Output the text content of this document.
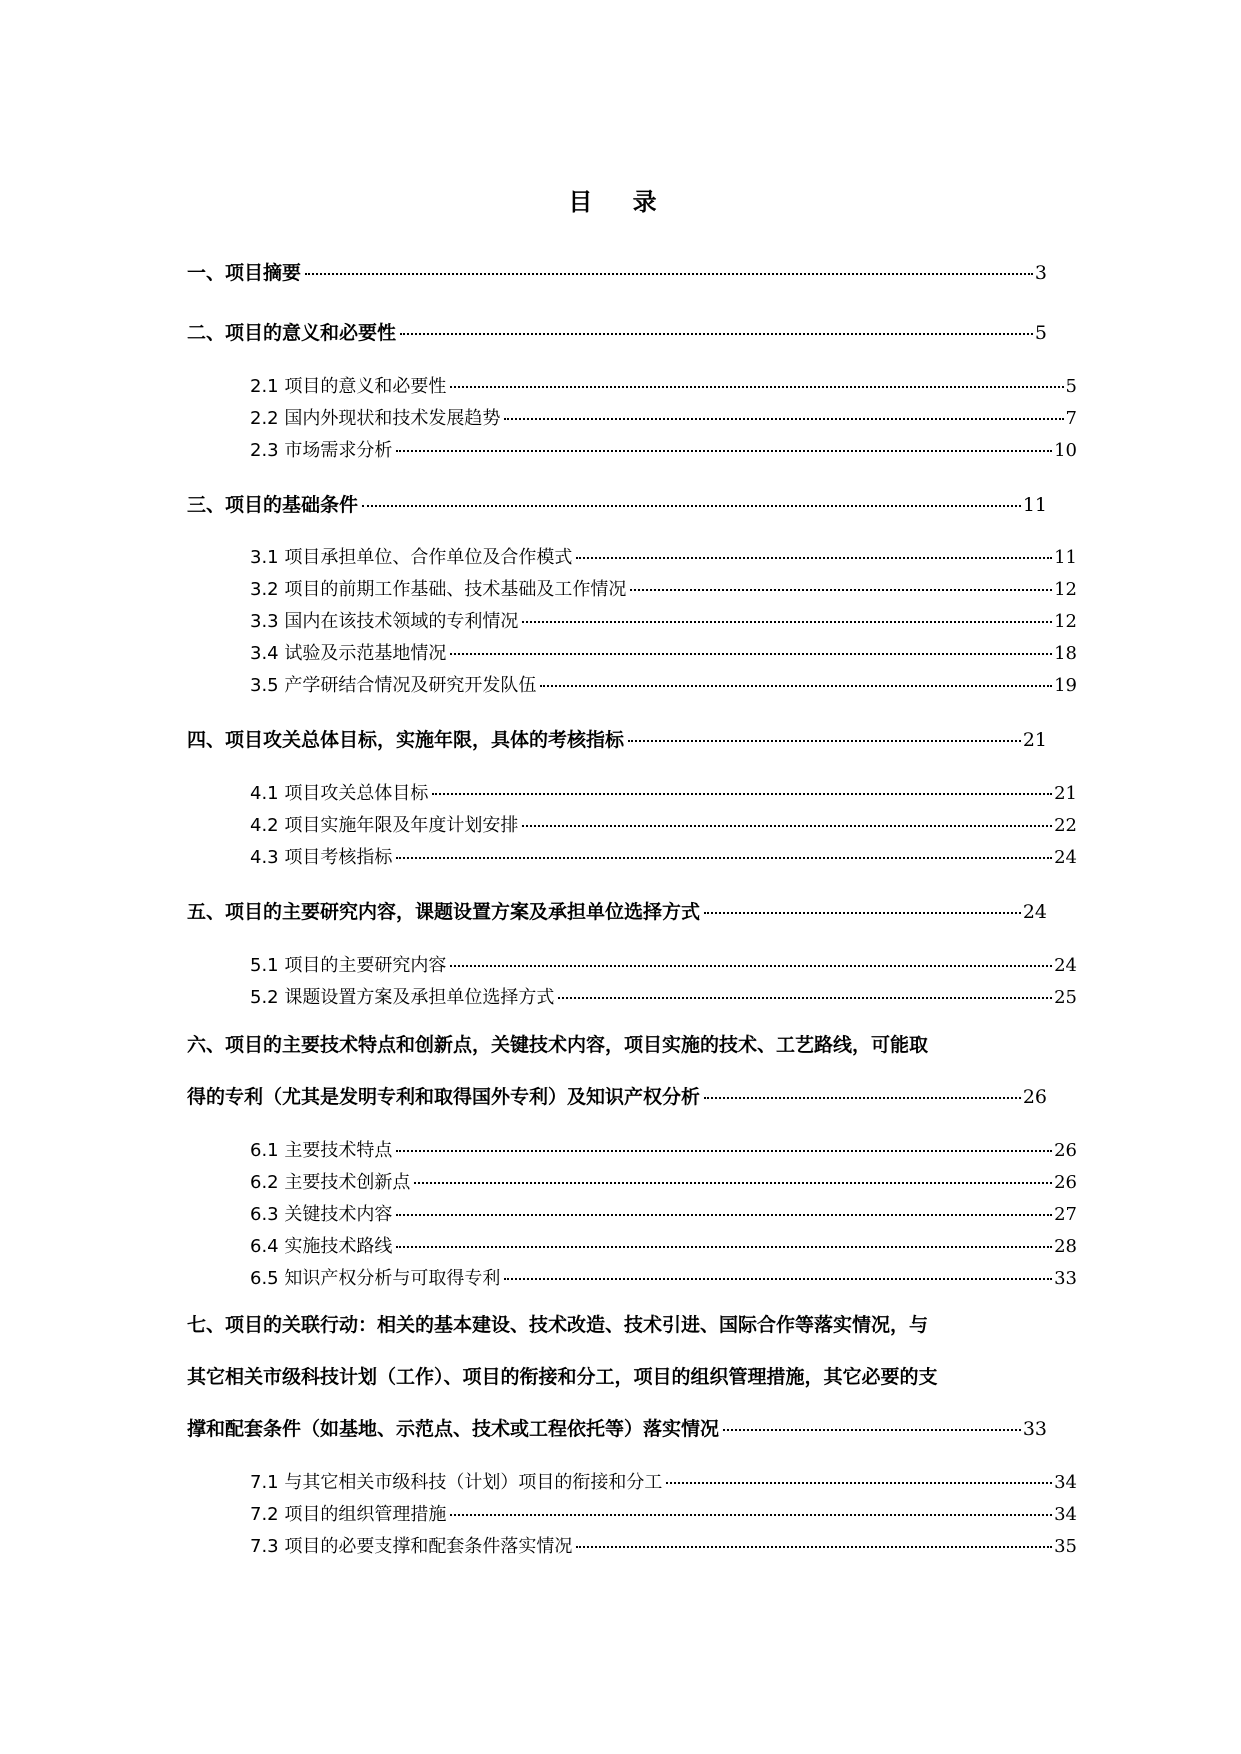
目 录
一、项目摘要	3
二、项目的意义和必要性	5
2.1 项目的意义和必要性	5
2.2 国内外现状和技术发展趋势	7
2.3 市场需求分析	10
三、项目的基础条件	11
3.1 项目承担单位、合作单位及合作模式	11
3.2 项目的前期工作基础、技术基础及工作情况	12
3.3 国内在该技术领域的专利情况	12
3.4 试验及示范基地情况	18
3.5 产学研结合情况及研究开发队伍	19
四、项目攻关总体目标，实施年限，具体的考核指标	21
4.1 项目攻关总体目标	21
4.2 项目实施年限及年度计划安排	22
4.3 项目考核指标	24
五、项目的主要研究内容，课题设置方案及承担单位选择方式	24
5.1 项目的主要研究内容	24
5.2 课题设置方案及承担单位选择方式	25
六、项目的主要技术特点和创新点，关键技术内容，项目实施的技术、工艺路线，可能取
得的专利（尤其是发明专利和取得国外专利）及知识产权分析	26
6.1 主要技术特点	26
6.2 主要技术创新点	26
6.3 关键技术内容	27
6.4 实施技术路线	28
6.5 知识产权分析与可取得专利	33
七、项目的关联行动：相关的基本建设、技术改造、技术引进、国际合作等落实情况，与
其它相关市级科技计划（工作）、项目的衔接和分工，项目的组织管理措施，其它必要的支
撑和配套条件（如基地、示范点、技术或工程依托等）落实情况	33
7.1 与其它相关市级科技（计划）项目的衔接和分工	34
7.2 项目的组织管理措施	34
7.3 项目的必要支撑和配套条件落实情况	35
